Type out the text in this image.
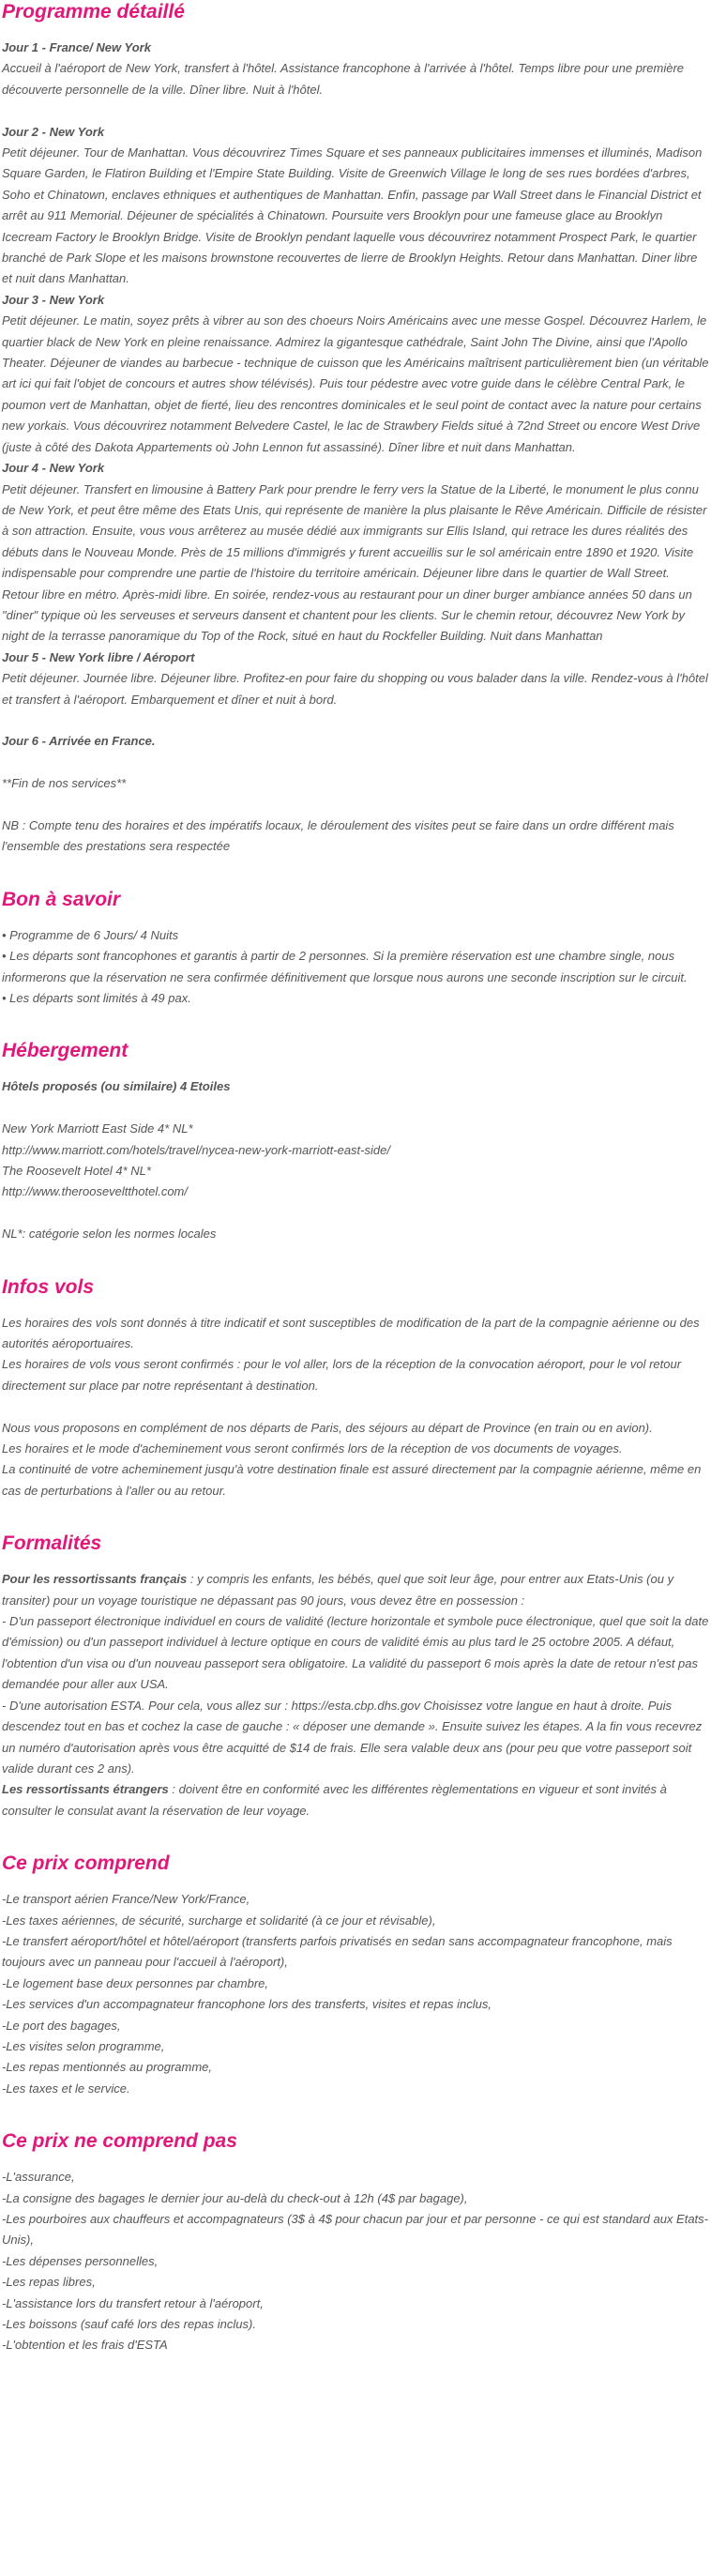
Programme détaillé

Jour 1 - France/ New York

Accueil à l'aéroport de New York, transfert à l'hôtel. Assistance francophone à l'arrivée à l'hôtel. Temps libre pour une première découverte personnelle de la ville. Dîner libre. Nuit à l'hôtel.

Jour 2 - New York

Petit déjeuner. Tour de Manhattan. Vous découvrirez Times Square et ses panneaux publicitaires immenses et illuminés, Madison Square Garden, le Flatiron Building et l'Empire State Building. Visite de Greenwich Village le long de ses rues bordées d'arbres, Soho et Chinatown, enclaves ethniques et authentiques de Manhattan. Enfin, passage par Wall Street dans le Financial District et arrêt au 911 Memorial. Déjeuner de spécialités à Chinatown. Poursuite vers Brooklyn pour une fameuse glace au Brooklyn Icecream Factory le Brooklyn Bridge. Visite de Brooklyn pendant laquelle vous découvrirez notamment Prospect Park, le quartier branché de Park Slope et les maisons brownstone recouvertes de lierre de Brooklyn Heights. Retour dans Manhattan. Diner libre et nuit dans Manhattan.

Jour 3 - New York

Petit déjeuner. Le matin, soyez prêts à vibrer au son des choeurs Noirs Américains avec une messe Gospel. Découvrez Harlem, le quartier black de New York en pleine renaissance. Admirez la gigantesque cathédrale, Saint John The Divine, ainsi que l'Apollo Theater. Déjeuner de viandes au barbecue - technique de cuisson que les Américains maîtrisent particulièrement bien (un véritable art ici qui fait l'objet de concours et autres show télévisés). Puis tour pédestre avec votre guide dans le célèbre Central Park, le poumon vert de Manhattan, objet de fierté, lieu des rencontres dominicales et le seul point de contact avec la nature pour certains new yorkais. Vous découvrirez notamment Belvedere Castel, le lac de Strawbery Fields situé à 72nd Street ou encore West Drive (juste à côté des Dakota Appartements où John Lennon fut assassiné). Dîner libre et nuit dans Manhattan.

Jour 4 - New York

Petit déjeuner. Transfert en limousine à Battery Park pour prendre le ferry vers la Statue de la Liberté, le monument le plus connu de New York, et peut être même des Etats Unis, qui représente de manière la plus plaisante le Rêve Américain. Difficile de résister à son attraction. Ensuite, vous vous arrêterez au musée dédié aux immigrants sur Ellis Island, qui retrace les dures réalités des débuts dans le Nouveau Monde. Près de 15 millions d'immigrés y furent accueillis sur le sol américain entre 1890 et 1920. Visite indispensable pour comprendre une partie de l'histoire du territoire américain. Déjeuner libre dans le quartier de Wall Street. Retour libre en métro. Après-midi libre. En soirée, rendez-vous au restaurant pour un diner burger ambiance années 50 dans un "diner" typique où les serveuses et serveurs dansent et chantent pour les clients. Sur le chemin retour, découvrez New York by night de la terrasse panoramique du Top of the Rock, situé en haut du Rockfeller Building. Nuit dans Manhattan

Jour 5 - New York libre / Aéroport

Petit déjeuner. Journée libre. Déjeuner libre. Profitez-en pour faire du shopping ou vous balader dans la ville. Rendez-vous à l'hôtel et transfert à l'aéroport. Embarquement et dîner et nuit à bord.

Jour 6 - Arrivée en France.

**Fin de nos services**

NB : Compte tenu des horaires et des impératifs locaux, le déroulement des visites peut se faire dans un ordre différent mais l'ensemble des prestations sera respectée

Bon à savoir

• Programme de 6 Jours/ 4 Nuits

• Les départs sont francophones et garantis à partir de 2 personnes. Si la première réservation est une chambre single, nous informerons que la réservation ne sera confirmée définitivement que lorsque nous aurons une seconde inscription sur le circuit.

• Les départs sont limités à 49 pax.

Hébergement

Hôtels proposés (ou similaire) 4 Etoiles

New York Marriott East Side 4* NL*

http://www.marriott.com/hotels/travel/nycea-new-york-marriott-east-side/

The Roosevelt Hotel 4* NL*

http://www.therooseveltthotel.com/

NL*: catégorie selon les normes locales

Infos vols

Les horaires des vols sont donnés à titre indicatif et sont susceptibles de modification de la part de la compagnie aérienne ou des autorités aéroportuaires.

Les horaires de vols vous seront confirmés : pour le vol aller, lors de la réception de la convocation aéroport, pour le vol retour directement sur place par notre représentant à destination.

Nous vous proposons en complément de nos départs de Paris, des séjours au départ de Province (en train ou en avion).

Les horaires et le mode d'acheminement vous seront confirmés lors de la réception de vos documents de voyages.

La continuité de votre acheminement jusqu'à votre destination finale est assuré directement par la compagnie aérienne, même en cas de perturbations à l'aller ou au retour.

Formalités

Pour les ressortissants français : y compris les enfants, les bébés, quel que soit leur âge, pour entrer aux Etats-Unis (ou y transiter) pour un voyage touristique ne dépassant pas 90 jours, vous devez être en possession :

- D'un passeport électronique individuel en cours de validité (lecture horizontale et symbole puce électronique, quel que soit la date d'émission) ou d'un passeport individuel à lecture optique en cours de validité émis au plus tard le 25 octobre 2005. A défaut, l'obtention d'un visa ou d'un nouveau passeport sera obligatoire. La validité du passeport 6 mois après la date de retour n'est pas demandée pour aller aux USA.

- D'une autorisation ESTA. Pour cela, vous allez sur : https://esta.cbp.dhs.gov Choisissez votre langue en haut à droite. Puis descendez tout en bas et cochez la case de gauche : « déposer une demande ». Ensuite suivez les étapes. A la fin vous recevrez un numéro d'autorisation après vous être acquitté de $14 de frais. Elle sera valable deux ans (pour peu que votre passeport soit valide durant ces 2 ans).

Les ressortissants étrangers : doivent être en conformité avec les différentes règlementations en vigueur et sont invités à consulter le consulat avant la réservation de leur voyage.

Ce prix comprend

-Le transport aérien France/New York/France,

-Les taxes aériennes, de sécurité, surcharge et solidarité (à ce jour et révisable),

-Le transfert aéroport/hôtel et hôtel/aéroport (transferts parfois privatisés en sedan sans accompagnateur francophone, mais toujours avec un panneau pour l'accueil à l'aéroport),

-Le logement base deux personnes par chambre,

-Les services d'un accompagnateur francophone lors des transferts, visites et repas inclus,

-Le port des bagages,

-Les visites selon programme,

-Les repas mentionnés au programme,

-Les taxes et le service.

Ce prix ne comprend pas

-L'assurance,

-La consigne des bagages le dernier jour au-delà du check-out à 12h (4$ par bagage),

-Les pourboires aux chauffeurs et accompagnateurs (3$ à 4$ pour chacun par jour et par personne - ce qui est standard aux Etats-Unis),

-Les dépenses personnelles,

-Les repas libres,

-L'assistance lors du transfert retour à l'aéroport,

-Les boissons (sauf café lors des repas inclus).

-L'obtention et les frais d'ESTA
